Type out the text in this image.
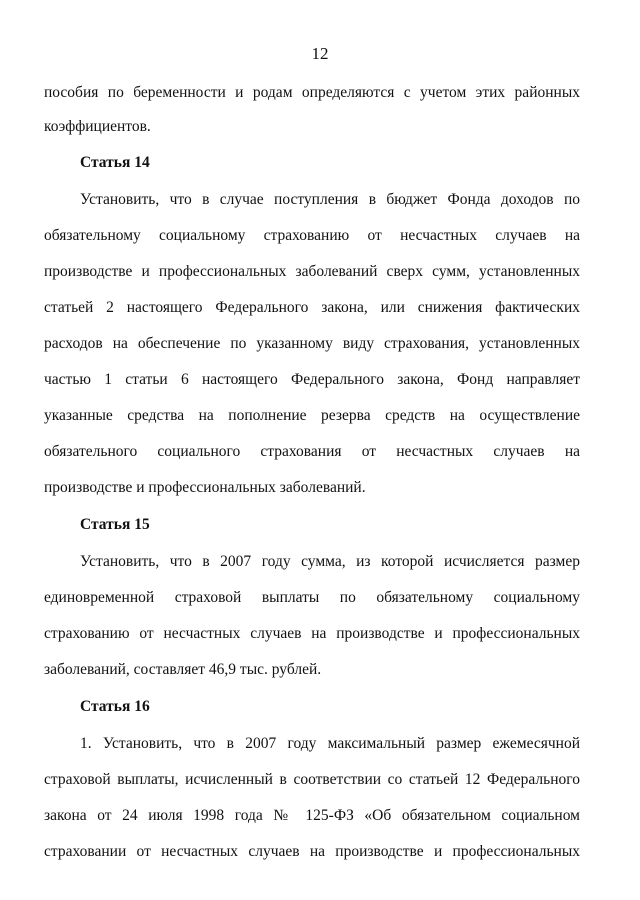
12
пособия по беременности и родам определяются с учетом этих районных
коэффициентов.
Статья 14
Установить, что в случае поступления в бюджет Фонда доходов по
обязательному социальному страхованию от несчастных случаев на
производстве и профессиональных заболеваний сверх сумм, установленных
статьей 2 настоящего Федерального закона, или снижения фактических
расходов на обеспечение по указанному виду страхования, установленных
частью 1 статьи 6 настоящего Федерального закона, Фонд направляет
указанные средства на пополнение резерва средств на осуществление
обязательного социального страхования от несчастных случаев на
производстве и профессиональных заболеваний.
Статья 15
Установить, что в 2007 году сумма, из которой исчисляется размер
единовременной страховой выплаты по обязательному социальному
страхованию от несчастных случаев на производстве и профессиональных
заболеваний, составляет 46,9 тыс. рублей.
Статья 16
1. Установить, что в 2007 году максимальный размер ежемесячной
страховой выплаты, исчисленный в соответствии со статьей 12 Федерального
закона от 24 июля 1998 года № 125-ФЗ «Об обязательном социальном
страховании от несчастных случаев на производстве и профессиональных
